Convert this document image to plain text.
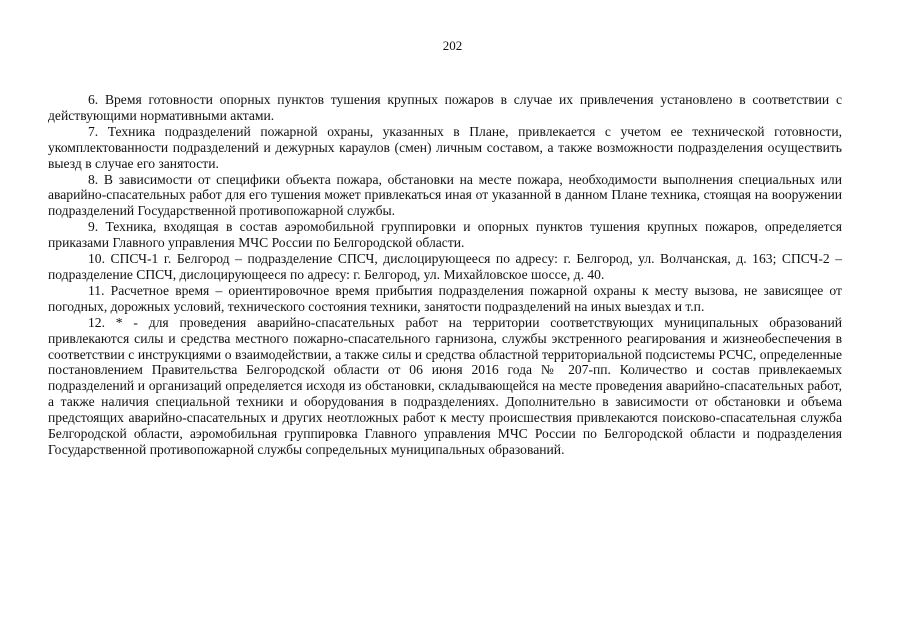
202

6. Время готовности опорных пунктов тушения крупных пожаров в случае их привлечения установлено в соответствии с действующими нормативными актами.

7. Техника подразделений пожарной охраны, указанных в Плане, привлекается с учетом ее технической готовности, укомплектованности подразделений и дежурных караулов (смен) личным составом, а также возможности подразделения осуществить выезд в случае его занятости.

8. В зависимости от специфики объекта пожара, обстановки на месте пожара, необходимости выполнения специальных или аварийно-спасательных работ для его тушения может привлекаться иная от указанной в данном Плане техника, стоящая на вооружении подразделений Государственной противопожарной службы.

9. Техника, входящая в состав аэромобильной группировки и опорных пунктов тушения крупных пожаров, определяется приказами Главного управления МЧС России по Белгородской области.

10. СПСЧ-1 г. Белгород – подразделение СПСЧ, дислоцирующееся по адресу: г. Белгород, ул. Волчанская, д. 163; СПСЧ-2 – подразделение СПСЧ, дислоцирующееся по адресу: г. Белгород, ул. Михайловское шоссе, д. 40.

11. Расчетное время – ориентировочное время прибытия подразделения пожарной охраны к месту вызова, не зависящее от погодных, дорожных условий, технического состояния техники, занятости подразделений на иных выездах и т.п.

12. * - для проведения аварийно-спасательных работ на территории соответствующих муниципальных образований привлекаются силы и средства местного пожарно-спасательного гарнизона, службы экстренного реагирования и жизнеобеспечения в соответствии с инструкциями о взаимодействии, а также силы и средства областной территориальной подсистемы РСЧС, определенные постановлением Правительства Белгородской области от 06 июня 2016 года № 207-пп. Количество и состав привлекаемых подразделений и организаций определяется исходя из обстановки, складывающейся на месте проведения аварийно-спасательных работ, а также наличия специальной техники и оборудования в подразделениях. Дополнительно в зависимости от обстановки и объема предстоящих аварийно-спасательных и других неотложных работ к месту происшествия привлекаются поисково-спасательная служба Белгородской области, аэромобильная группировка Главного управления МЧС России по Белгородской области и подразделения Государственной противопожарной службы сопредельных муниципальных образований.
